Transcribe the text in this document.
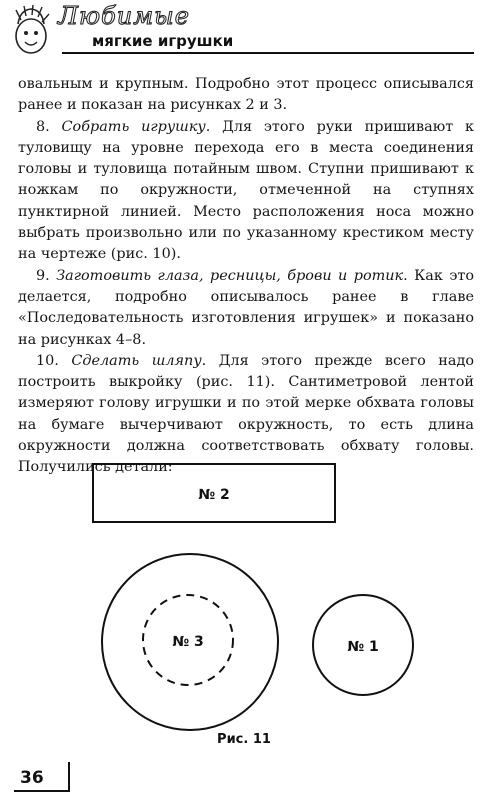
Любимые
мягкие игрушки

овальным и крупным. Подробно этот процесс описывался ранее и показан на рисунках 2 и 3.

8. Собрать игрушку. Для этого руки пришивают к туловищу на уровне перехода его в места соединения головы и туловища потайным швом. Ступни пришивают к ножкам по окружности, отмеченной на ступнях пунктирной линией. Место расположения носа можно выбрать произвольно или по указанному крестиком месту на чертеже (рис. 10).

9. Заготовить глаза, ресницы, брови и ротик. Как это делается, подробно описывалось ранее в главе «Последовательность изготовления игрушек» и показано на рисунках 4–8.

10. Сделать шляпу. Для этого прежде всего надо построить выкройку (рис. 11). Сантиметровой лентой измеряют голову игрушки и по этой мерке обхвата головы на бумаге вычерчивают окружность, то есть длина окружности должна соответствовать обхвату головы. Получились детали:

№ 2
№ 3	№ 1
Рис. 11
36
